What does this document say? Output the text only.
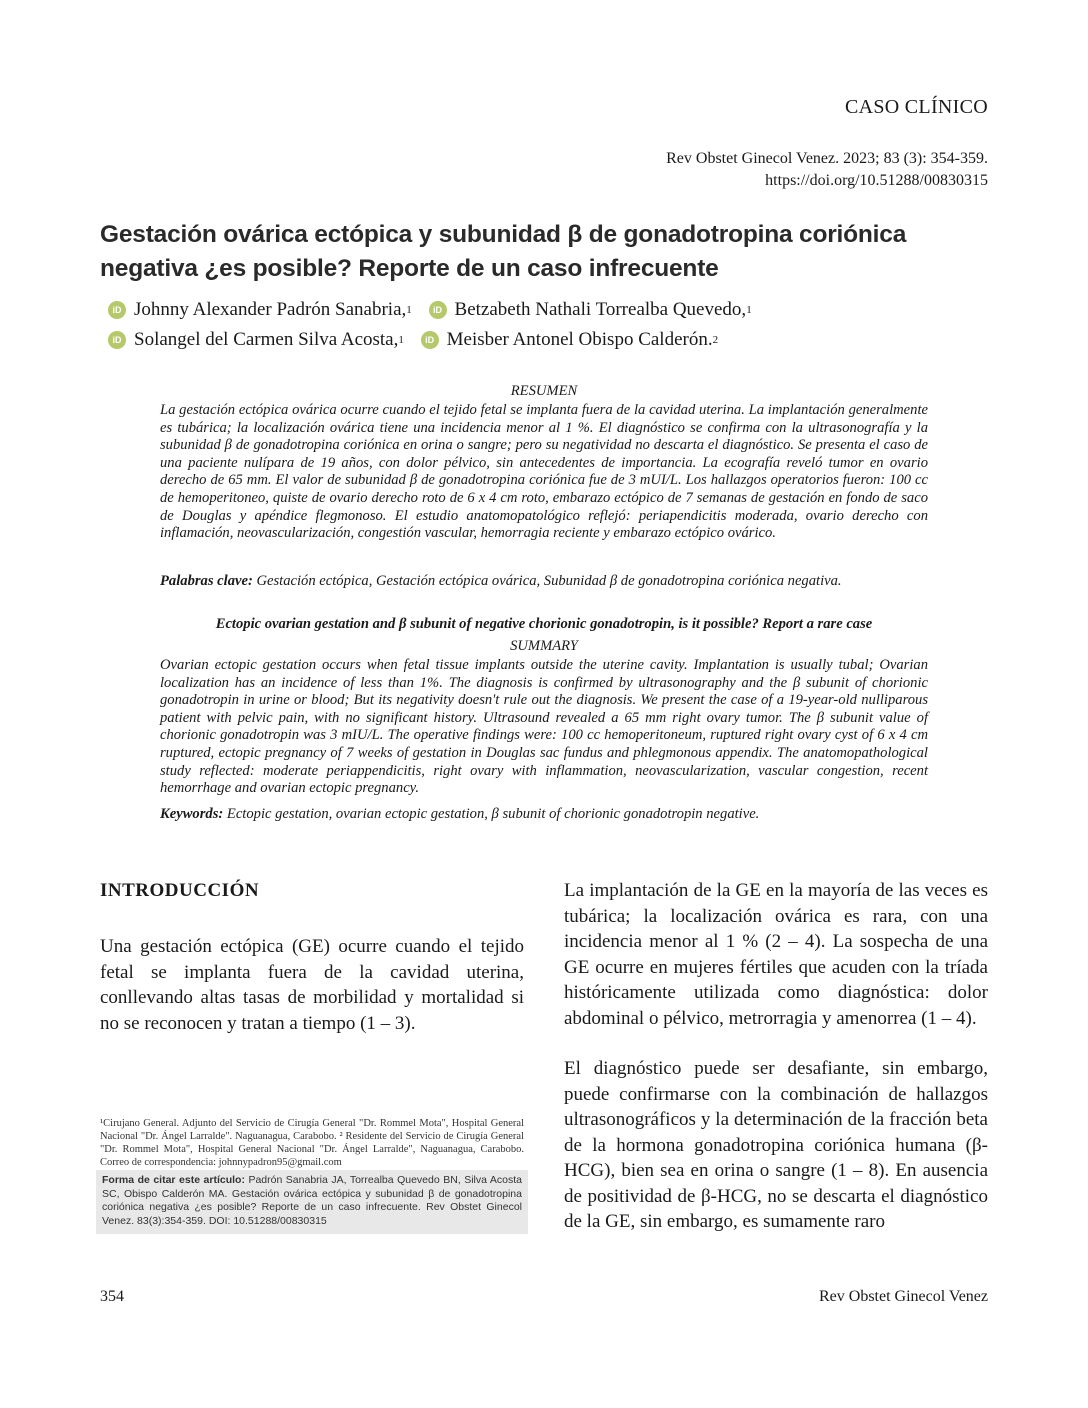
CASO CLÍNICO
Rev Obstet Ginecol Venez. 2023; 83 (3): 354-359.
https://doi.org/10.51288/00830315
Gestación ovárica ectópica y subunidad β de gonadotropina coriónica
negativa ¿es posible? Reporte de un caso infrecuente
iD Johnny Alexander Padrón Sanabria, 1
	iD Betzabeth Nathali Torrealba Quevedo, 1
iD Solangel del Carmen Silva Acosta, 1
	iD Meisber Antonel Obispo Calderón. 2
RESUMEN
La gestación ectópica ovárica ocurre cuando el tejido fetal se implanta fuera de la cavidad uterina. La implantación generalmente es tubárica; la localización ovárica tiene una incidencia menor al 1 %. El diagnóstico se confirma con la ultrasonografía y la subunidad β de gonadotropina coriónica en orina o sangre; pero su negatividad no descarta el diagnóstico. Se presenta el caso de una paciente nulípara de 19 años, con dolor pélvico, sin antecedentes de importancia. La ecografía reveló tumor en ovario derecho de 65 mm. El valor de subunidad β de gonadotropina coriónica fue de 3 mUI/L. Los hallazgos operatorios fueron: 100 cc de hemoperitoneo, quiste de ovario derecho roto de 6 x 4 cm roto, embarazo ectópico de 7 semanas de gestación en fondo de saco de Douglas y apéndice flegmonoso. El estudio anatomopatológico reflejó: periapendicitis moderada, ovario derecho con inflamación, neovascularización, congestión vascular, hemorragia reciente y embarazo ectópico ovárico.
Palabras clave: Gestación ectópica, Gestación ectópica ovárica, Subunidad β de gonadotropina coriónica negativa.
Ectopic ovarian gestation and β subunit of negative chorionic gonadotropin, is it possible? Report a rare case
SUMMARY
Ovarian ectopic gestation occurs when fetal tissue implants outside the uterine cavity. Implantation is usually tubal; Ovarian localization has an incidence of less than 1%. The diagnosis is confirmed by ultrasonography and the β subunit of chorionic gonadotropin in urine or blood; But its negativity doesn't rule out the diagnosis. We present the case of a 19-year-old nulliparous patient with pelvic pain, with no significant history. Ultrasound revealed a 65 mm right ovary tumor. The β subunit value of chorionic gonadotropin was 3 mIU/L. The operative findings were: 100 cc hemoperitoneum, ruptured right ovary cyst of 6 x 4 cm ruptured, ectopic pregnancy of 7 weeks of gestation in Douglas sac fundus and phlegmonous appendix. The anatomopathological study reflected: moderate periappendicitis, right ovary with inflammation, neovascularization, vascular congestion, recent hemorrhage and ovarian ectopic pregnancy.
Keywords: Ectopic gestation, ovarian ectopic gestation, β subunit of chorionic gonadotropin negative.
INTRODUCCIÓN
Una gestación ectópica (GE) ocurre cuando el tejido fetal se implanta fuera de la cavidad uterina, conllevando altas tasas de morbilidad y mortalidad si no se reconocen y tratan a tiempo (1 – 3).
La implantación de la GE en la mayoría de las veces es tubárica; la localización ovárica es rara, con una incidencia menor al 1 % (2 – 4). La sospecha de una GE ocurre en mujeres fértiles que acuden con la tríada históricamente utilizada como diagnóstica: dolor abdominal o pélvico, metrorragia y amenorrea (1 – 4).
El diagnóstico puede ser desafiante, sin embargo, puede confirmarse con la combinación de hallazgos ultrasonográficos y la determinación de la fracción beta de la hormona gonadotropina coriónica humana (β-HCG), bien sea en orina o sangre (1 – 8). En ausencia de positividad de β-HCG, no se descarta el diagnóstico de la GE, sin embargo, es sumamente raro
¹Cirujano General. Adjunto del Servicio de Cirugía General "Dr. Rommel Mota", Hospital General Nacional "Dr. Ángel Larralde". Naguanagua, Carabobo. ² Residente del Servicio de Cirugía General "Dr. Rommel Mota", Hospital General Nacional "Dr. Ángel Larralde", Naguanagua, Carabobo. Correo de correspondencia: johnnypadron95@gmail.com
Forma de citar este artículo: Padrón Sanabria JA, Torrealba Quevedo BN, Silva Acosta SC, Obispo Calderón MA. Gestación ovárica ectópica y subunidad β de gonadotropina coriónica negativa ¿es posible? Reporte de un caso infrecuente. Rev Obstet Ginecol Venez. 83(3):354-359. DOI: 10.51288/00830315
354	Rev Obstet Ginecol Venez
